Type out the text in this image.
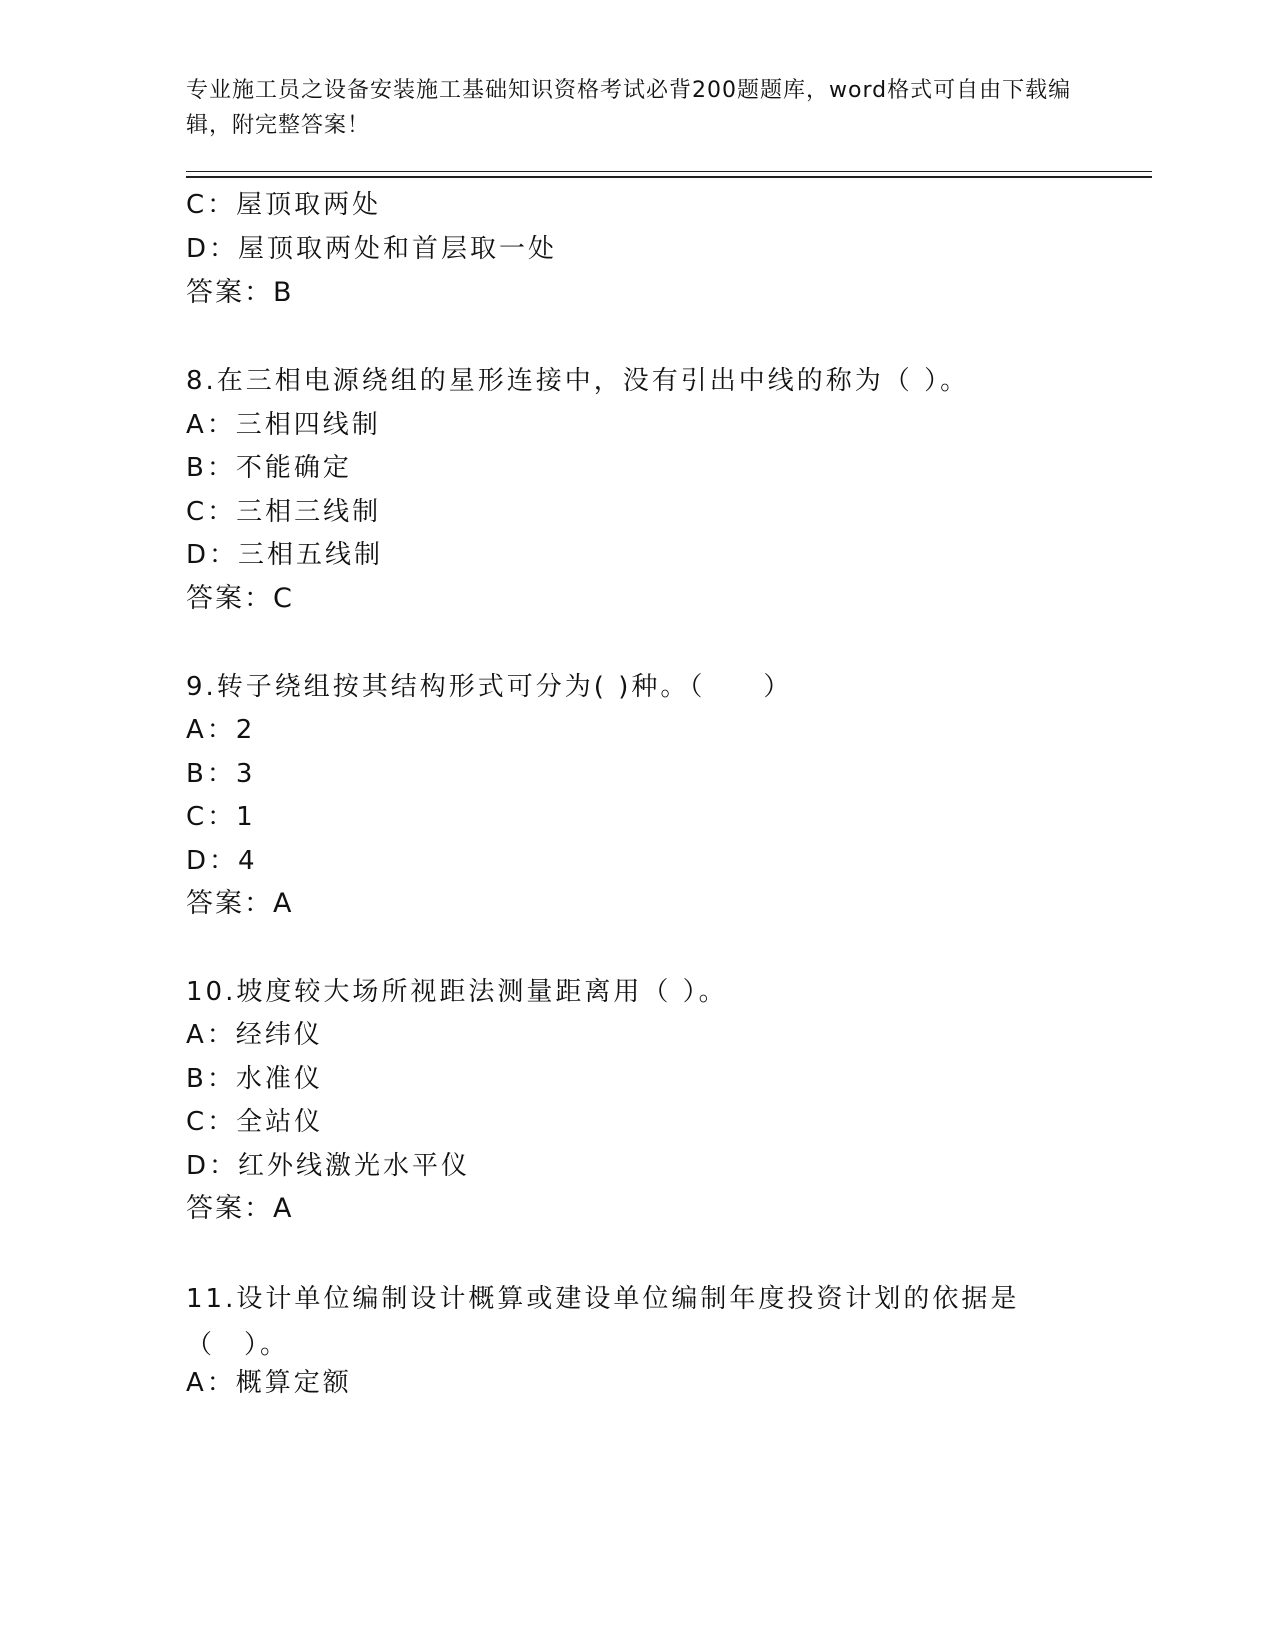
专业施工员之设备安装施工基础知识资格考试必背200题题库，word格式可自由下载编辑，附完整答案！
C：屋顶取两处
D：屋顶取两处和首层取一处
答案：B
8.在三相电源绕组的星形连接中，没有引出中线的称为（ ）。
A：三相四线制
B：不能确定
C：三相三线制
D：三相五线制
答案：C
9.转子绕组按其结构形式可分为( )种。（　　）
A：2
B：3
C：1
D：4
答案：A
10.坡度较大场所视距法测量距离用（ ）。
A：经纬仪
B：水准仪
C：全站仪
D：红外线激光水平仪
答案：A
11.设计单位编制设计概算或建设单位编制年度投资计划的依据是（　）。
A：概算定额
